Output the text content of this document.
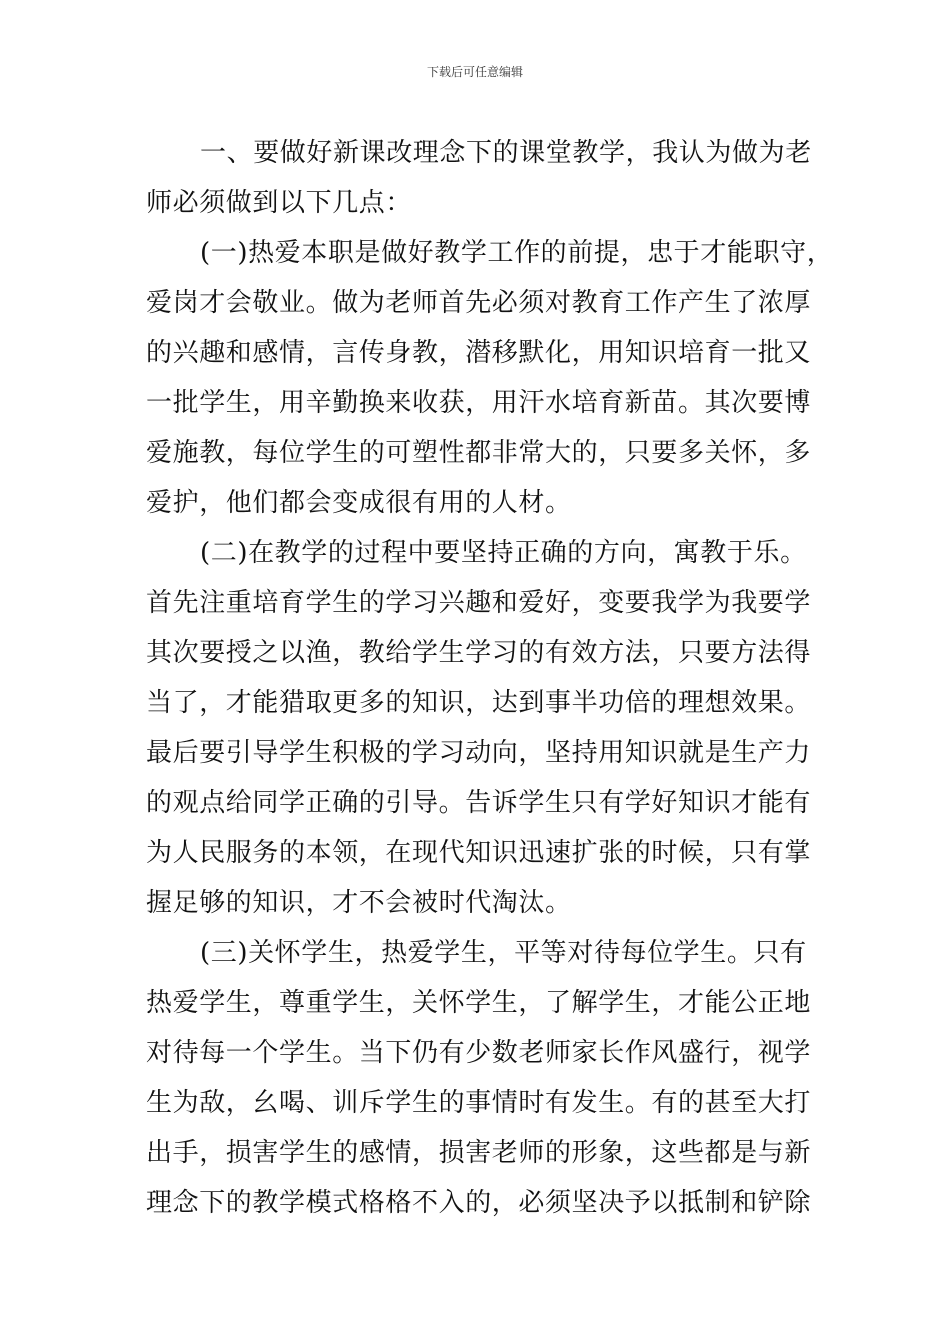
下载后可任意编辑
一、要做好新课改理念下的课堂教学，我认为做为老
师必须做到以下几点：
(一)热爱本职是做好教学工作的前提，忠于才能职守，
爱岗才会敬业。做为老师首先必须对教育工作产生了浓厚
的兴趣和感情，言传身教，潜移默化，用知识培育一批又
一批学生，用辛勤换来收获，用汗水培育新苗。其次要博
爱施教，每位学生的可塑性都非常大的，只要多关怀，多
爱护，他们都会变成很有用的人材。
(二)在教学的过程中要坚持正确的方向，寓教于乐。
首先注重培育学生的学习兴趣和爱好，变要我学为我要学
其次要授之以渔，教给学生学习的有效方法，只要方法得
当了，才能猎取更多的知识，达到事半功倍的理想效果。
最后要引导学生积极的学习动向，坚持用知识就是生产力
的观点给同学正确的引导。告诉学生只有学好知识才能有
为人民服务的本领，在现代知识迅速扩张的时候，只有掌
握足够的知识，才不会被时代淘汰。
(三)关怀学生，热爱学生，平等对待每位学生。只有
热爱学生，尊重学生，关怀学生，了解学生，才能公正地
对待每一个学生。当下仍有少数老师家长作风盛行，视学
生为敌，幺喝、训斥学生的事情时有发生。有的甚至大打
出手，损害学生的感情，损害老师的形象，这些都是与新
理念下的教学模式格格不入的，必须坚决予以抵制和铲除
